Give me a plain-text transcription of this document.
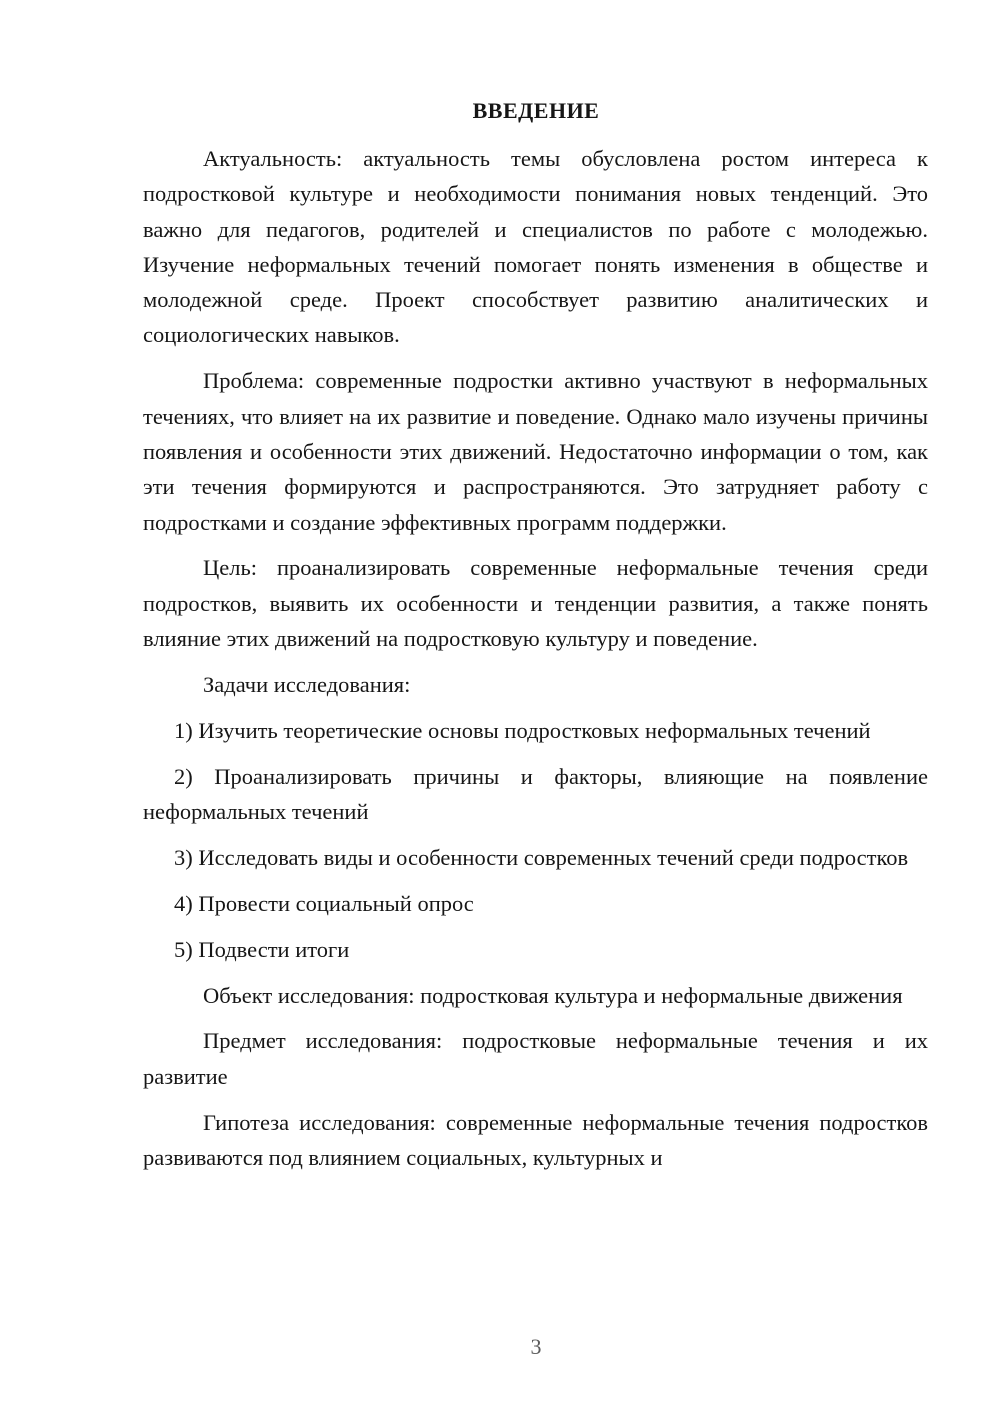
ВВЕДЕНИЕ

Актуальность: актуальность темы обусловлена ростом интереса к подростковой культуре и необходимости понимания новых тенденций. Это важно для педагогов, родителей и специалистов по работе с молодежью. Изучение неформальных течений помогает понять изменения в обществе и молодежной среде. Проект способствует развитию аналитических и социологических навыков.

Проблема: современные подростки активно участвуют в неформальных течениях, что влияет на их развитие и поведение. Однако мало изучены причины появления и особенности этих движений. Недостаточно информации о том, как эти течения формируются и распространяются. Это затрудняет работу с подростками и создание эффективных программ поддержки.

Цель: проанализировать современные неформальные течения среди подростков, выявить их особенности и тенденции развития, а также понять влияние этих движений на подростковую культуру и поведение.

Задачи исследования:

1) Изучить теоретические основы подростковых неформальных течений

2) Проанализировать причины и факторы, влияющие на появление неформальных течений

3) Исследовать виды и особенности современных течений среди подростков

4) Провести социальный опрос

5) Подвести итоги

Объект исследования: подростковая культура и неформальные движения

Предмет исследования: подростковые неформальные течения и их развитие

Гипотеза исследования: современные неформальные течения подростков развиваются под влиянием социальных, культурных и

3
